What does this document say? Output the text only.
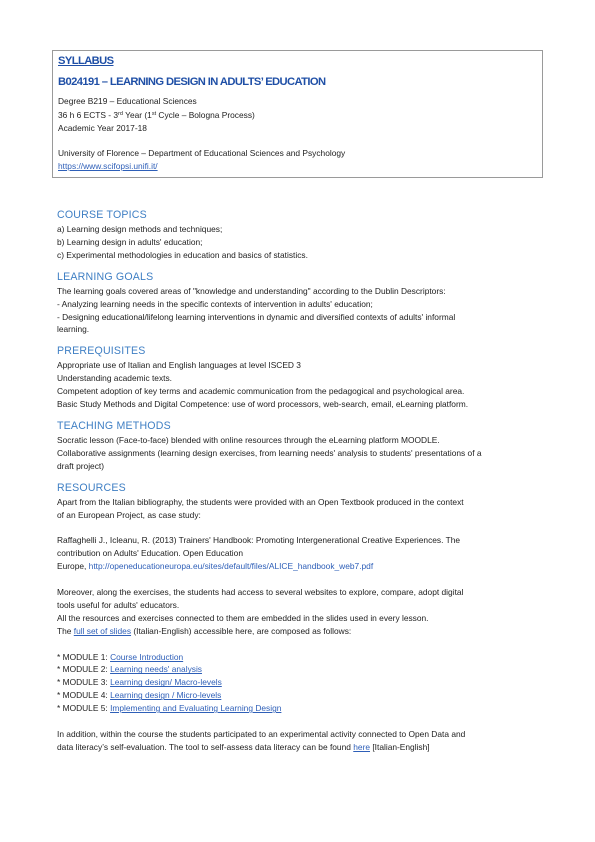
SYLLABUS
B024191 – LEARNING DESIGN IN ADULTS’ EDUCATION
Degree B219 – Educational Sciences
36 h 6 ECTS - 3rd Year (1st Cycle – Bologna Process)
Academic Year 2017-18
University of Florence – Department of Educational Sciences and Psychology
https://www.scifopsi.unifi.it/
COURSE TOPICS
a) Learning design methods and techniques;
b) Learning design in adults' education;
c) Experimental methodologies in education and basics of statistics.
LEARNING GOALS
The learning goals covered areas of "knowledge and understanding" according to the Dublin Descriptors:
- Analyzing learning needs in the specific contexts of intervention in adults' education;
- Designing educational/lifelong learning interventions in dynamic and diversified contexts of adults' informal
learning.
PREREQUISITES
Appropriate use of Italian and English languages at level ISCED 3
Understanding academic texts.
Competent adoption of key terms and academic communication from the pedagogical and psychological area.
Basic Study Methods and Digital Competence: use of word processors, web-search, email, eLearning platform.
TEACHING METHODS
Socratic lesson (Face-to-face) blended with online resources through the eLearning platform MOODLE.
Collaborative assignments (learning design exercises, from learning needs' analysis to students' presentations of a
draft project)
RESOURCES
Apart from the Italian bibliography, the students were provided with an Open Textbook produced in the context
of an European Project, as case study:
Raffaghelli J., Icleanu, R. (2013) Trainers' Handbook: Promoting Intergenerational Creative Experiences. The
contribution on Adults' Education. Open Education
Europe, http://openeducationeuropa.eu/sites/default/files/ALICE_handbook_web7.pdf
Moreover, along the exercises, the students had access to several websites to explore, compare, adopt digital
tools useful for adults' educators.
All the resources and exercises connected to them are embedded in the slides used in every lesson.
The full set of slides (Italian-English) accessible here, are composed as follows:
* MODULE 1: Course Introduction
* MODULE 2: Learning needs' analysis
* MODULE 3: Learning design/ Macro-levels
* MODULE 4: Learning design / Micro-levels
* MODULE 5: Implementing and Evaluating Learning Design
In addition, within the course the students participated to an experimental activity connected to Open Data and
data literacy’s self-evaluation. The tool to self-assess data literacy can be found here [Italian-English]
